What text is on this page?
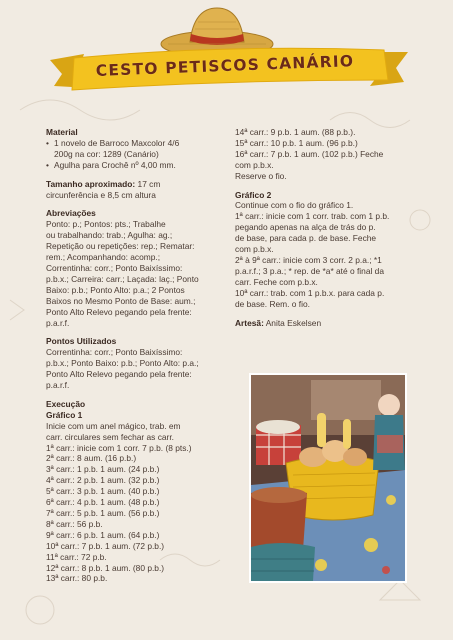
CESTO PETISCOS CANÁRIO
Material
• 1 novelo de Barroco Maxcolor 4/6
200g na cor: 1289 (Canário)
• Agulha para Crochê nº 4,00 mm.
Tamanho aproximado: 17 cm
circunferência e 8,5 cm altura
Abreviações
Ponto: p.; Pontos: pts.; Trabalhe
ou trabalhando: trab.; Agulha: ag.;
Repetição ou repetições: rep.; Rematar:
rem.; Acompanhando: acomp.;
Correntinha: corr.; Ponto Baixíssimo:
p.b.x.; Carreira: carr.; Laçada: laç.; Ponto
Baixo: p.b.; Ponto Alto: p.a.; 2 Pontos
Baixos no Mesmo Ponto de Base: aum.;
Ponto Alto Relevo pegando pela frente:
p.a.r.f.
Pontos Utilizados
Correntinha: corr.; Ponto Baixíssimo:
p.b.x.; Ponto Baixo: p.b.; Ponto Alto: p.a.;
Ponto Alto Relevo pegando pela frente:
p.a.r.f.
Execução
Gráfico 1
Inicie com um anel mágico, trab. em
carr. circulares sem fechar as carr.
1ª carr.: inicie com 1 corr. 7 p.b. (8 pts.)
2ª carr.: 8 aum. (16 p.b.)
3ª carr.: 1 p.b. 1 aum. (24 p.b.)
4ª carr.: 2 p.b. 1 aum. (32 p.b.)
5ª carr.: 3 p.b. 1 aum. (40 p.b.)
6ª carr.: 4 p.b. 1 aum. (48 p.b.)
7ª carr.: 5 p.b. 1 aum. (56 p.b.)
8ª carr.: 56 p.b.
9ª carr.: 6 p.b. 1 aum. (64 p.b.)
10ª carr.: 7 p.b. 1 aum. (72 p.b.)
11ª carr.: 72 p.b.
12ª carr.: 8 p.b. 1 aum. (80 p.b.)
13ª carr.: 80 p.b.
14ª carr.: 9 p.b. 1 aum. (88 p.b.).
15ª carr.: 10 p.b. 1 aum. (96 p.b.)
16ª carr.: 7 p.b. 1 aum. (102 p.b.) Feche
com p.b.x.
Reserve o fio.
Gráfico 2
Continue com o fio do gráfico 1.
1ª carr.: inicie com 1 corr. trab. com 1 p.b.
pegando apenas na alça de trás do p.
de base, para cada p. de base. Feche
com p.b.x.
2ª à 9ª carr.: inicie com 3 corr. 2 p.a.; *1
p.a.r.f.; 3 p.a.; * rep. de *a* até o final da
carr. Feche com p.b.x.
10ª carr.: trab. com 1 p.b.x. para cada p.
de base. Rem. o fio.
Artesã: Anita Eskelsen
